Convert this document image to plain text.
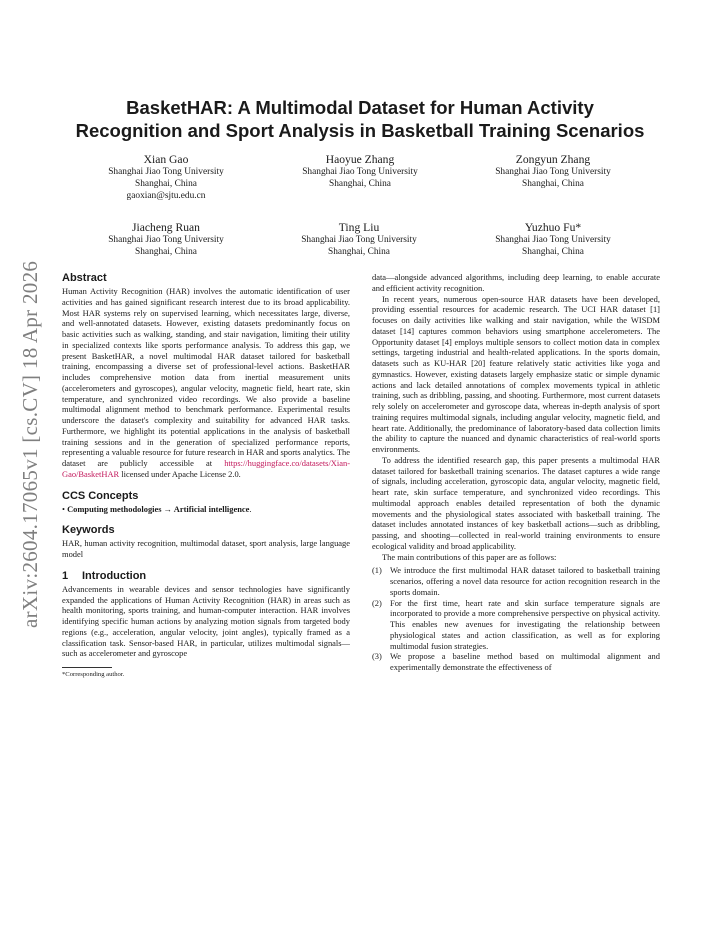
arXiv:2604.17065v1 [cs.CV] 18 Apr 2026
BasketHAR: A Multimodal Dataset for Human Activity
Recognition and Sport Analysis in Basketball Training Scenarios
Xian Gao
Shanghai Jiao Tong University
Shanghai, China
gaoxian@sjtu.edu.cn
Haoyue Zhang
Shanghai Jiao Tong University
Shanghai, China
Zongyun Zhang
Shanghai Jiao Tong University
Shanghai, China
Jiacheng Ruan
Shanghai Jiao Tong University
Shanghai, China
Ting Liu
Shanghai Jiao Tong University
Shanghai, China
Yuzhuo Fu*
Shanghai Jiao Tong University
Shanghai, China
Abstract

Human Activity Recognition (HAR) involves the automatic identification of user activities and has gained significant research interest due to its broad applicability. Most HAR systems rely on supervised learning, which necessitates large, diverse, and well-annotated datasets. However, existing datasets predominantly focus on basic activities such as walking, standing, and stair navigation, limiting their utility in specialized contexts like sports performance analysis. To address this gap, we present BasketHAR, a novel multimodal HAR dataset tailored for basketball training, encompassing a diverse set of professional-level actions. BasketHAR includes comprehensive motion data from inertial measurement units (accelerometers and gyroscopes), angular velocity, magnetic field, heart rate, skin temperature, and synchronized video recordings. We also provide a baseline multimodal alignment method to benchmark performance. Experimental results underscore the dataset's complexity and suitability for advanced HAR tasks. Furthermore, we highlight its potential applications in the analysis of basketball training sessions and in the generation of specialized performance reports, representing a valuable resource for future research in HAR and sports analytics. The dataset are publicly accessible at https://huggingface.co/datasets/Xian-Gao/BasketHAR licensed under Apache License 2.0.

CCS Concepts

• Computing methodologies → Artificial intelligence.

Keywords

HAR, human activity recognition, multimodal dataset, sport analysis, large language model

1 Introduction

Advancements in wearable devices and sensor technologies have significantly expanded the applications of Human Activity Recognition (HAR) in areas such as health monitoring, sports training, and human-computer interaction. HAR involves identifying specific human actions by analyzing motion signals from targeted body regions (e.g., acceleration, angular velocity, joint angles), typically framed as a classification task. Sensor-based HAR, in particular, utilizes multimodal signals—such as accelerometer and gyroscope

*Corresponding author.

data—alongside advanced algorithms, including deep learning, to enable accurate and efficient activity recognition.

In recent years, numerous open-source HAR datasets have been developed, providing essential resources for academic research. The UCI HAR dataset [1] focuses on daily activities like walking and stair navigation, while the WISDM dataset [14] captures common behaviors using smartphone accelerometers. The Opportunity dataset [4] employs multiple sensors to collect motion data in complex settings, targeting industrial and health-related applications. In the sports domain, datasets such as KU-HAR [20] feature relatively static activities like yoga and gymnastics. However, existing datasets largely emphasize static or simple dynamic actions and lack detailed annotations of complex movements typical in athletic training, such as dribbling, passing, and shooting. Furthermore, most current datasets rely solely on accelerometer and gyroscope data, whereas in-depth analysis of sport training requires multimodal signals, including angular velocity, magnetic field, and heart rate. Additionally, the predominance of laboratory-based data collection limits the ability to capture the nuanced and dynamic characteristics of real-world sports environments.

To address the identified research gap, this paper presents a multimodal HAR dataset tailored for basketball training scenarios. The dataset captures a wide range of signals, including acceleration, gyroscopic data, angular velocity, magnetic field, heart rate, skin surface temperature, and synchronized video recordings. This multimodal approach enables detailed representation of both the dynamic movements and the physiological states associated with basketball training. The dataset includes annotated instances of key basketball actions—such as dribbling, passing, and shooting—collected in real-world training environments to ensure ecological validity and broad applicability.

The main contributions of this paper are as follows:

(1) We introduce the first multimodal HAR dataset tailored to basketball training scenarios, offering a novel data resource for action recognition research in the sports domain.
(2) For the first time, heart rate and skin surface temperature signals are incorporated to provide a more comprehensive perspective on physical activity. This enables new avenues for investigating the relationship between physiological states and action classification, as well as for exploring multimodal fusion strategies.
(3) We propose a baseline method based on multimodal alignment and experimentally demonstrate the effectiveness of
